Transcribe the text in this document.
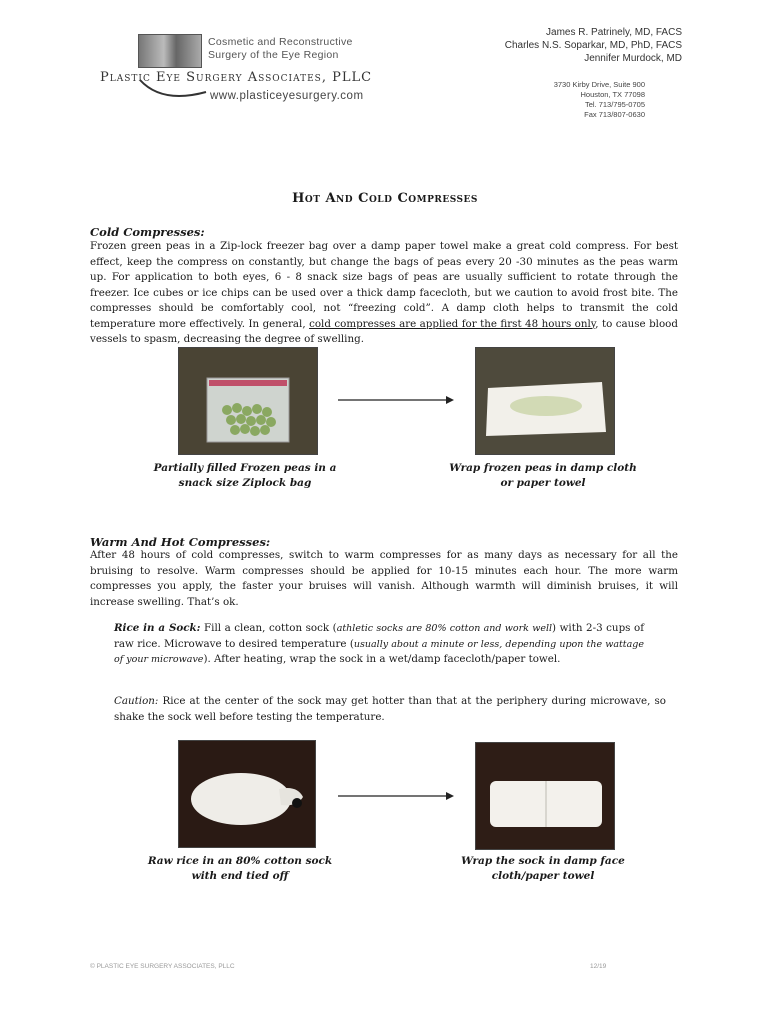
Cosmetic and Reconstructive
Surgery of the Eye Region
Plastic Eye Surgery Associates, PLLC
www.plasticeyesurgery.com
James R. Patrinely, MD, FACS
Charles N.S. Soparkar, MD, PhD, FACS
Jennifer Murdock, MD
3730 Kirby Drive, Suite 900
Houston, TX 77098
Tel. 713/795-0705
Fax 713/807-0630
Hot And Cold Compresses
Cold Compresses:
Frozen green peas in a Zip-lock freezer bag over a damp paper towel make a great cold compress. For best effect, keep the compress on constantly, but change the bags of peas every 20 -30 minutes as the peas warm up. For application to both eyes, 6 - 8 snack size bags of peas are usually sufficient to rotate through the freezer. Ice cubes or ice chips can be used over a thick damp facecloth, but we caution to avoid frost bite. The compresses should be comfortably cool, not “freezing cold”. A damp cloth helps to transmit the cold temperature more effectively. In general, cold compresses are applied for the first 48 hours only, to cause blood vessels to spasm, decreasing the degree of swelling.
Partially filled Frozen peas in a snack size Ziplock bag
Wrap frozen peas in damp cloth or paper towel
Warm And Hot Compresses:
After 48 hours of cold compresses, switch to warm compresses for as many days as necessary for all the bruising to resolve. Warm compresses should be applied for 10-15 minutes each hour. The more warm compresses you apply, the faster your bruises will vanish. Although warmth will diminish bruises, it will increase swelling. That’s ok.
Rice in a Sock: Fill a clean, cotton sock (athletic socks are 80% cotton and work well) with 2-3 cups of raw rice. Microwave to desired temperature (usually about a minute or less, depending upon the wattage of your microwave). After heating, wrap the sock in a wet/damp facecloth/paper towel.
Caution: Rice at the center of the sock may get hotter than that at the periphery during microwave, so shake the sock well before testing the temperature.
Raw rice in an 80% cotton sock with end tied off
Wrap the sock in damp face cloth/paper towel
© PLASTIC EYE SURGERY ASSOCIATES, PLLC	12/19
